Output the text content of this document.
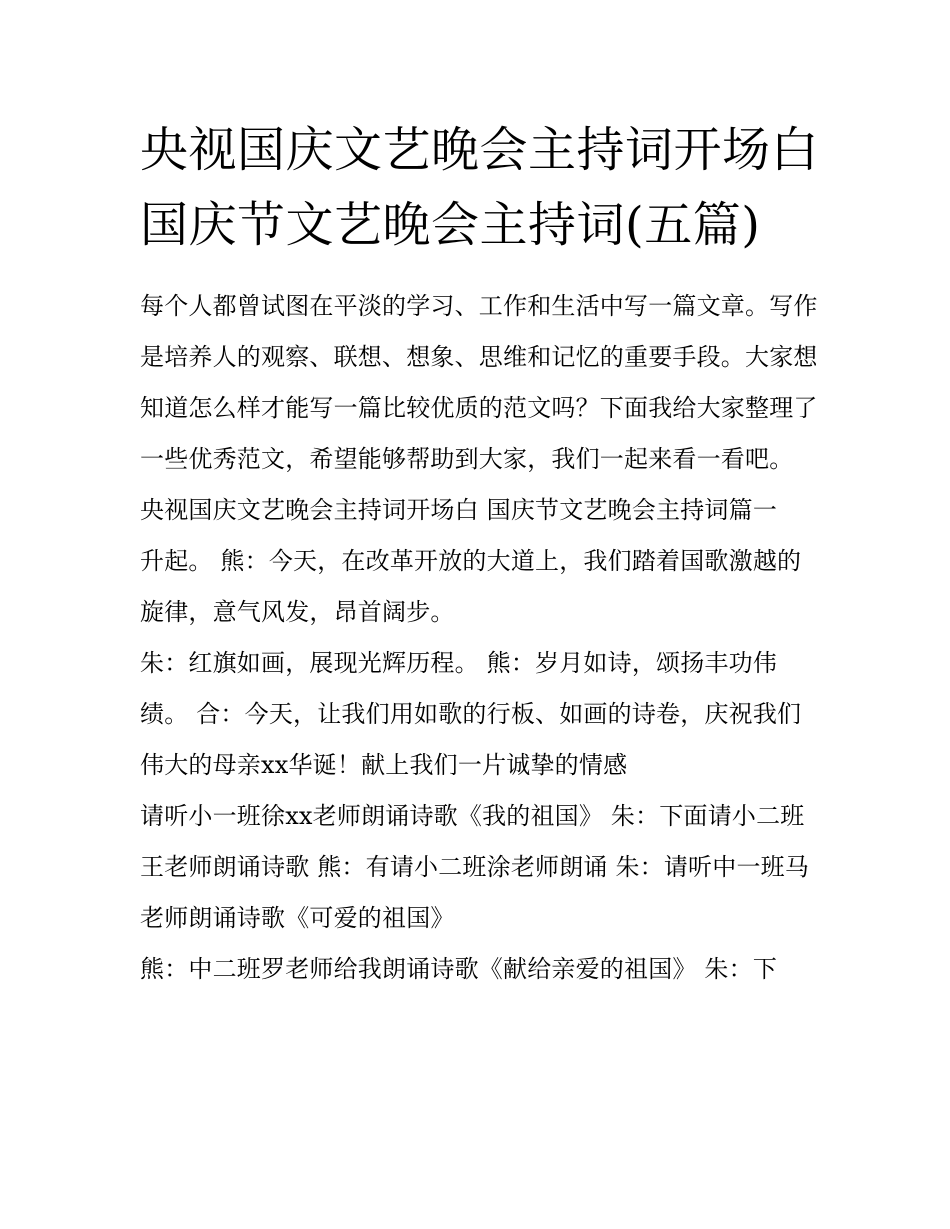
央视国庆文艺晚会主持词开场白 国庆节文艺晚会主持词(五篇)

每个人都曾试图在平淡的学习、工作和生活中写一篇文章。写作是培养人的观察、联想、想象、思维和记忆的重要手段。大家想知道怎么样才能写一篇比较优质的范文吗？下面我给大家整理了一些优秀范文，希望能够帮助到大家，我们一起来看一看吧。

央视国庆文艺晚会主持词开场白 国庆节文艺晚会主持词篇一

升起。 熊：今天，在改革开放的大道上，我们踏着国歌激越的旋律，意气风发，昂首阔步。

朱：红旗如画，展现光辉历程。 熊：岁月如诗，颂扬丰功伟绩。 合：今天，让我们用如歌的行板、如画的诗卷，庆祝我们伟大的母亲xx华诞！献上我们一片诚挚的情感

请听小一班徐xx老师朗诵诗歌《我的祖国》 朱：下面请小二班王老师朗诵诗歌 熊：有请小二班涂老师朗诵 朱：请听中一班马老师朗诵诗歌《可爱的祖国》

熊：中二班罗老师给我朗诵诗歌《献给亲爱的祖国》 朱：下
